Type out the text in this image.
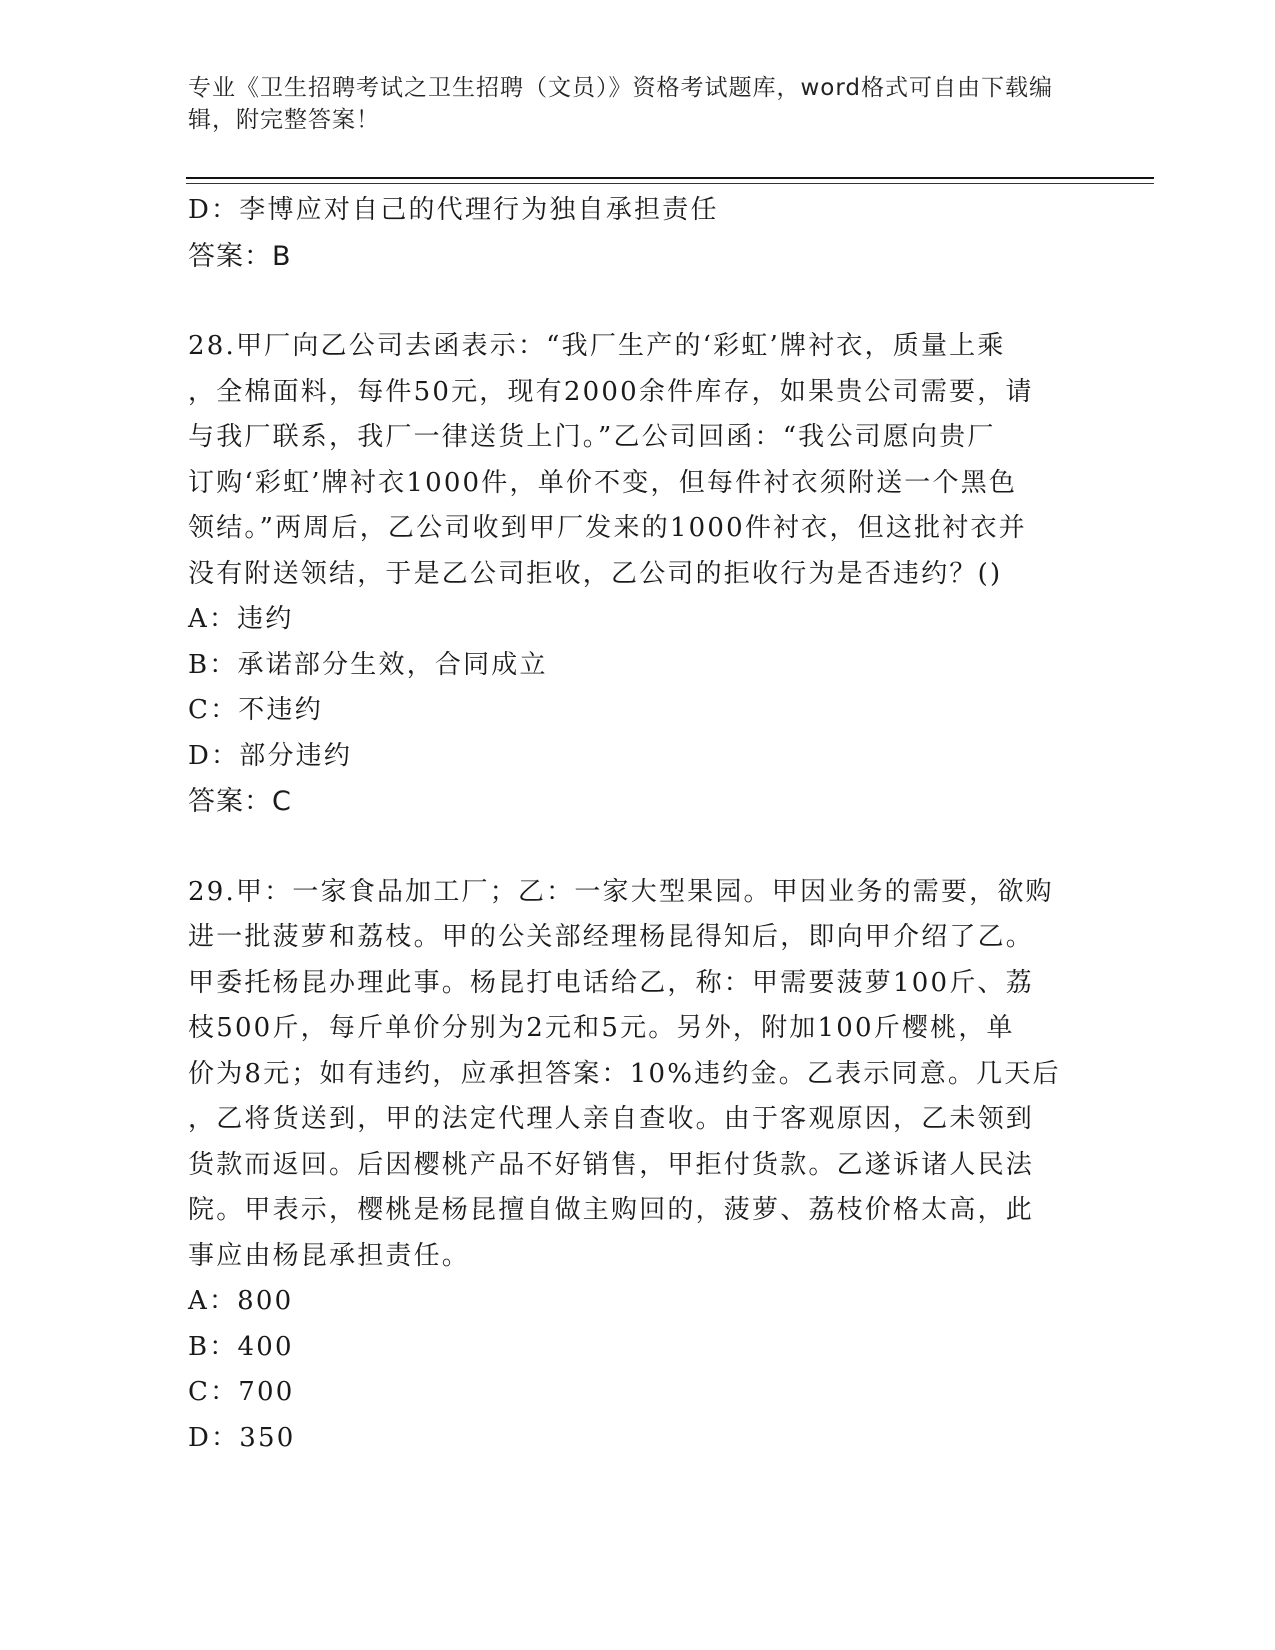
专业《卫生招聘考试之卫生招聘（文员）》资格考试题库，word格式可自由下载编辑，附完整答案！

D：李博应对自己的代理行为独自承担责任

答案：B

28.甲厂向乙公司去函表示：“我厂生产的‘彩虹’牌衬衣，质量上乘

，全棉面料，每件50元，现有2000余件库存，如果贵公司需要，请

与我厂联系，我厂一律送货上门。”乙公司回函：“我公司愿向贵厂

订购‘彩虹’牌衬衣1000件，单价不变，但每件衬衣须附送一个黑色

领结。”两周后，乙公司收到甲厂发来的1000件衬衣，但这批衬衣并

没有附送领结，于是乙公司拒收，乙公司的拒收行为是否违约？()

A：违约

B：承诺部分生效，合同成立

C：不违约

D：部分违约

答案：C

29.甲：一家食品加工厂；乙：一家大型果园。甲因业务的需要，欲购

进一批菠萝和荔枝。甲的公关部经理杨昆得知后，即向甲介绍了乙。

甲委托杨昆办理此事。杨昆打电话给乙，称：甲需要菠萝100斤、荔

枝500斤，每斤单价分别为2元和5元。另外，附加100斤樱桃，单

价为8元；如有违约，应承担答案：10%违约金。乙表示同意。几天后

，乙将货送到，甲的法定代理人亲自查收。由于客观原因，乙未领到

货款而返回。后因樱桃产品不好销售，甲拒付货款。乙遂诉诸人民法

院。甲表示，樱桃是杨昆擅自做主购回的，菠萝、荔枝价格太高，此

事应由杨昆承担责任。

A：800

B：400

C：700

D：350
